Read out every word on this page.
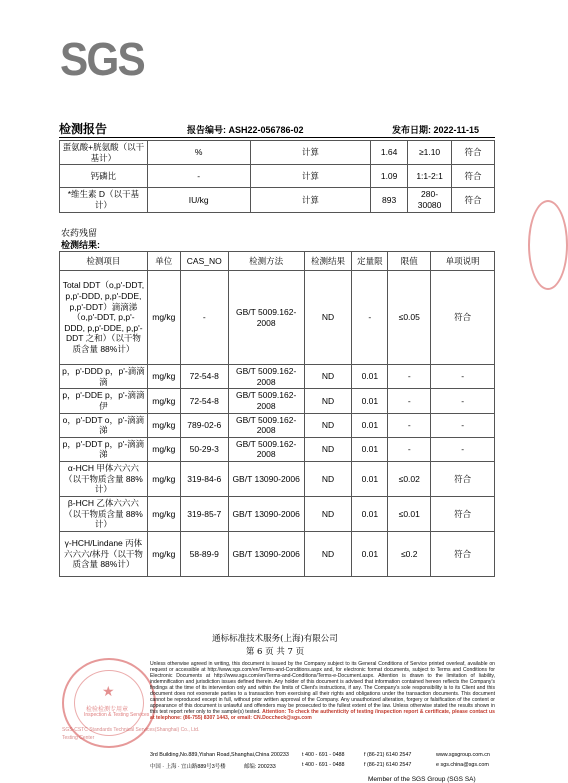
SGS
检测报告	报告编号: ASH22-056786-02	发布日期: 2022-11-15
蛋氨酸+胱氨酸（以干基计）	%	计算	1.64	≥1.10	符合
钙磷比	-	计算	1.09	1:1-2:1	符合
*维生素 D（以干基计）	IU/kg	计算	893	280-30080	符合
农药残留
检测结果:
检测项目	单位	CAS_NO	检测方法	检测结果	定量限	限值	单项说明
Total DDT（o,p'-DDT, p,p'-DDD, p,p'-DDE, p,p'-DDT）滴滴涕（o,p'-DDT, p,p'-DDD, p,p'-DDE, p,p'-DDT 之和）（以干物质含量 88%计）	mg/kg	-	GB/T 5009.162-2008	ND	-	≤0.05	符合
p，p'-DDD p，p'-滴滴滴	mg/kg	72-54-8	GB/T 5009.162-2008	ND	0.01	-	-
p，p'-DDE p，p'-滴滴伊	mg/kg	72-54-8	GB/T 5009.162-2008	ND	0.01	-	-
o，p'-DDT o，p'-滴滴涕	mg/kg	789-02-6	GB/T 5009.162-2008	ND	0.01	-	-
p，p'-DDT p，p'-滴滴涕	mg/kg	50-29-3	GB/T 5009.162-2008	ND	0.01	-	-
α-HCH 甲体六六六（以干物质含量 88%计）	mg/kg	319-84-6	GB/T 13090-2006	ND	0.01	≤0.02	符合
β-HCH 乙体六六六（以干物质含量 88%计）	mg/kg	319-85-7	GB/T 13090-2006	ND	0.01	≤0.01	符合
γ-HCH/Lindane 丙体六六六/林丹（以干物质含量 88%计）	mg/kg	58-89-9	GB/T 13090-2006	ND	0.01	≤0.2	符合
通标标准技术服务(上海)有限公司
第 6 页 共 7 页
★
检验检测专用章
Inspection & Testing Services
SGS-CSTC Standards Technical Services(Shanghai) Co., Ltd.
Testing Center
Unless otherwise agreed in writing, this document is issued by the Company subject to its General Conditions of Service printed overleaf, available on request or accessible at http://www.sgs.com/en/Terms-and-Conditions.aspx and, for electronic format documents, subject to Terms and Conditions for Electronic Documents at http://www.sgs.com/en/Terms-and-Conditions/Terms-e-Document.aspx. Attention is drawn to the limitation of liability, indemnification and jurisdiction issues defined therein. Any holder of this document is advised that information contained hereon reflects the Company's findings at the time of its intervention only and within the limits of Client's instructions, if any. The Company's sole responsibility is to its Client and this document does not exonerate parties to a transaction from exercising all their rights and obligations under the transaction documents. This document cannot be reproduced except in full, without prior written approval of the Company. Any unauthorized alteration, forgery or falsification of the content or appearance of this document is unlawful and offenders may be prosecuted to the fullest extent of the law. Unless otherwise stated the results shown in this test report refer only to the sample(s) tested. Attention: To check the authenticity of testing /inspection report & certificate, please contact us at telephone: (86-755) 8307 1443, or email: CN.Doccheck@sgs.com
3rd Building,No.889,Yishan Road,Shanghai,China 200233 t 400 - 691 - 0488	f (86-21) 6140 2547	www.sgsgroup.com.cn
中国 · 上海 · 宜山路889号3号楼	邮编: 200233	t 400 - 691 - 0488	f (86-21) 6140 2547	e sgs.china@sgs.com
Member of the SGS Group (SGS SA)
